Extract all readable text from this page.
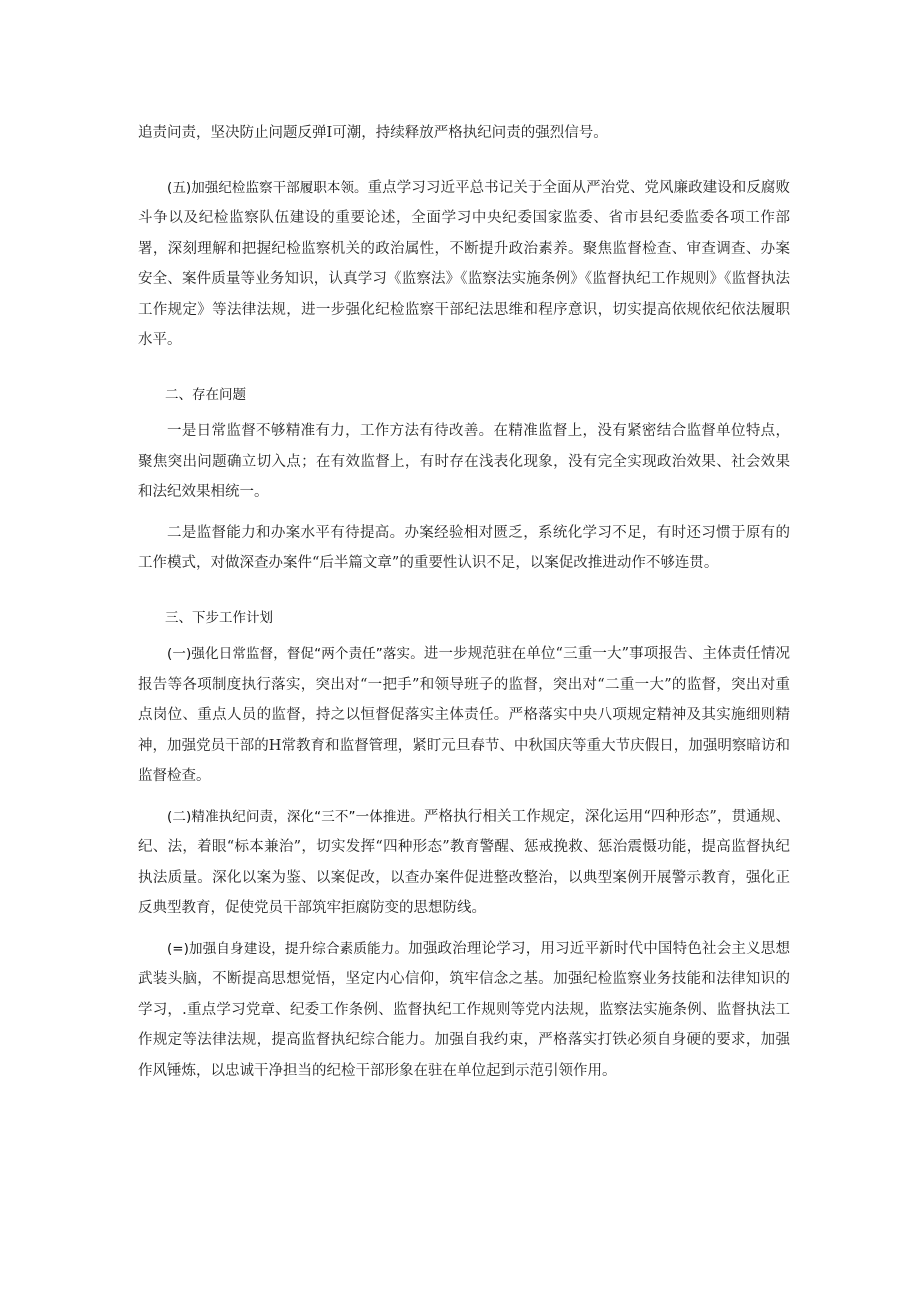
追责问责，坚决防止问题反弹Ⅰ可潮，持续释放严格执纪问责的强烈信号。

(五)加强纪检监察干部履职本领。重点学习习近平总书记关于全面从严治党、党风廉政建设和反腐败斗争以及纪检监察队伍建设的重要论述，全面学习中央纪委国家监委、省市县纪委监委各项工作部署，深刻理解和把握纪检监察机关的政治属性，不断提升政治素养。聚焦监督检查、审查调查、办案安全、案件质量等业务知识，认真学习《监察法》《监察法实施条例》《监督执纪工作规则》《监督执法工作规定》等法律法规，进一步强化纪检监察干部纪法思维和程序意识，切实提高依规依纪依法履职水平。

二、存在问题

一是日常监督不够精准有力，工作方法有待改善。在精准监督上，没有紧密结合监督单位特点，聚焦突出问题确立切入点；在有效监督上，有时存在浅表化现象，没有完全实现政治效果、社会效果和法纪效果相统一。

二是监督能力和办案水平有待提高。办案经验相对匮乏，系统化学习不足，有时还习惯于原有的工作模式，对做深查办案件“后半篇文章”的重要性认识不足，以案促改推进动作不够连贯。

三、下步工作计划

(一)强化日常监督，督促“两个责任”落实。进一步规范驻在单位“三重一大”事项报告、主体责任情况报告等各项制度执行落实，突出对“一把手”和领导班子的监督，突出对“二重一大”的监督，突出对重点岗位、重点人员的监督，持之以恒督促落实主体责任。严格落实中央八项规定精神及其实施细则精神，加强党员干部的H常教育和监督管理，紧盯元旦春节、中秋国庆等重大节庆假日，加强明察暗访和监督检查。

(二)精准执纪问责，深化“三不”一体推进。严格执行相关工作规定，深化运用“四种形态”，贯通规、纪、法，着眼“标本兼治”，切实发挥“四种形态”教育警醒、惩戒挽救、惩治震慑功能，提高监督执纪执法质量。深化以案为鉴、以案促改，以查办案件促进整改整治，以典型案例开展警示教育，强化正反典型教育，促使党员干部筑牢拒腐防变的思想防线。

(=)加强自身建设，提升综合素质能力。加强政治理论学习，用习近平新时代中国特色社会主义思想武装头脑，不断提高思想觉悟，坚定内心信仰，筑牢信念之基。加强纪检监察业务技能和法律知识的学习，.重点学习党章、纪委工作条例、监督执纪工作规则等党内法规，监察法实施条例、监督执法工作规定等法律法规，提高监督执纪综合能力。加强自我约束，严格落实打铁必须自身硬的要求，加强作风锤炼，以忠诚干净担当的纪检干部形象在驻在单位起到示范引领作用。
